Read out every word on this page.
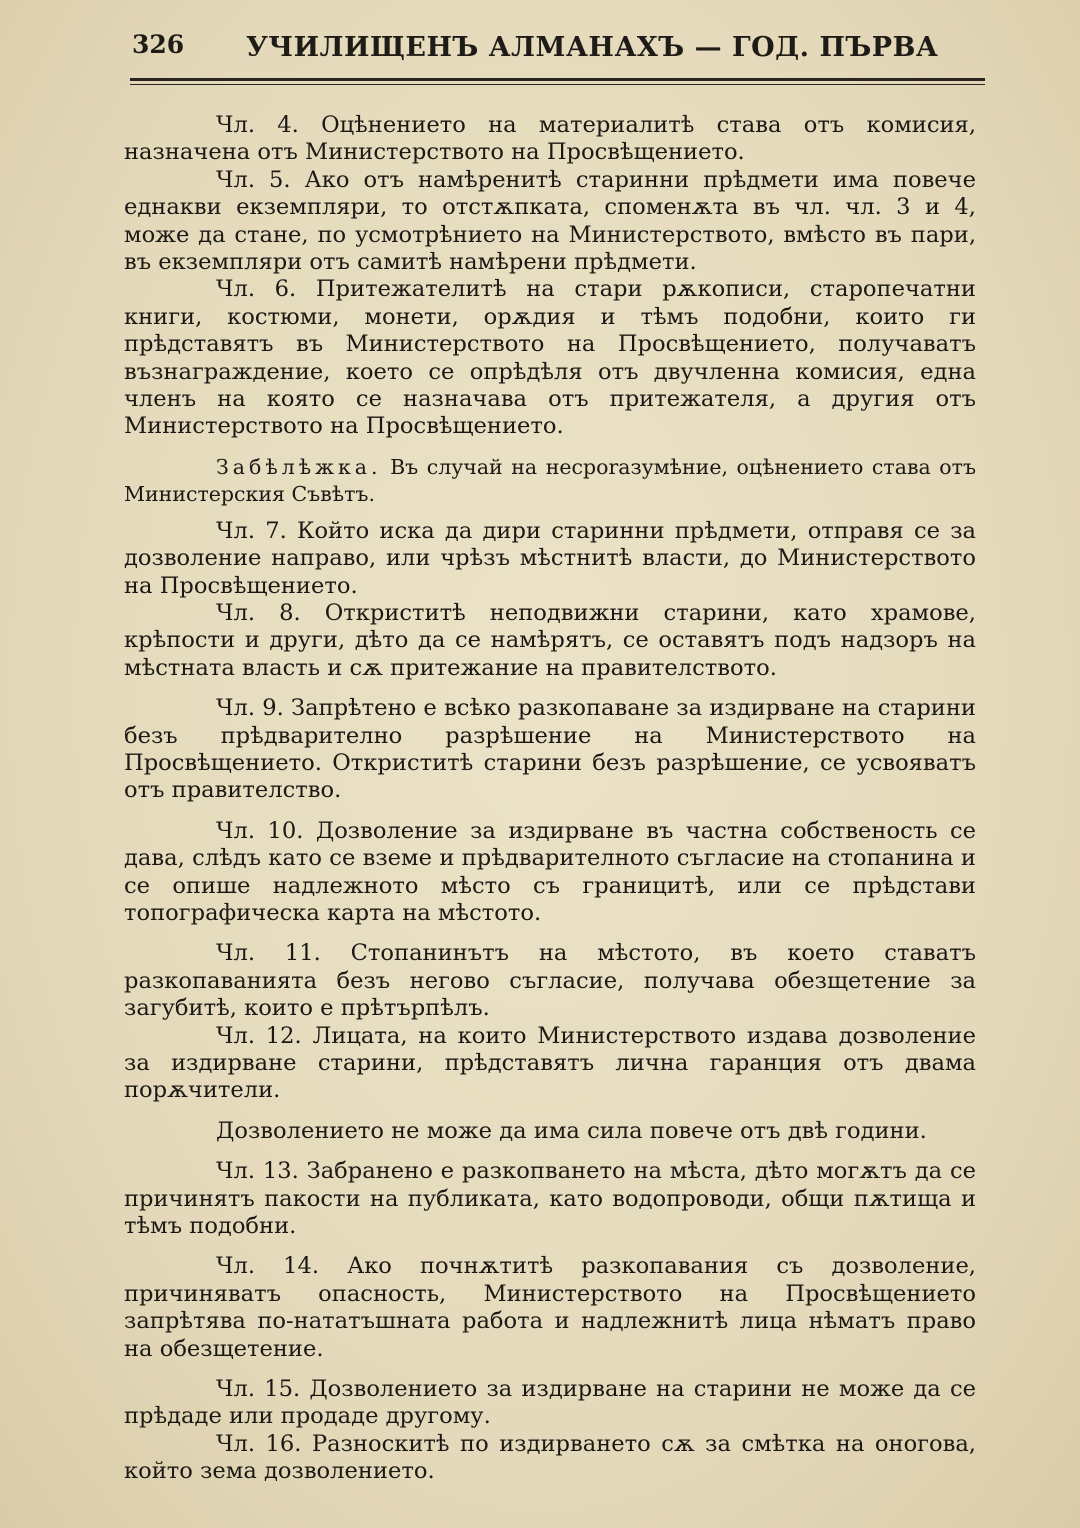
326 УЧИЛИЩЕНЪ АЛМАНАХЪ — ГОД. ПЪРВА

Чл. 4. Оцѣнението на материалитѣ става отъ комисия, назначена отъ Министерството на Просвѣщението.

Чл. 5. Ако отъ намѣренитѣ старинни прѣдмети има повече еднакви екземпляри, то отстѫпката, споменѫта въ чл. чл. 3 и 4, може да стане, по усмотрѣнието на Министерството, вмѣсто въ пари, въ екземпляри отъ самитѣ намѣрени прѣдмети.

Чл. 6. Притежателитѣ на стари рѫкописи, старопечатни книги, костюми, монети, орѫдия и тѣмъ подобни, които ги прѣдставятъ въ Министерството на Просвѣщението, получаватъ възнаграждение, което се опрѣдѣля отъ двучленна комисия, една членъ на която се назначава отъ притежателя, а другия отъ Министерството на Просвѣщението.

Забѣлѣжка. Въ случай на несporазумѣние, оцѣнението става отъ Министерския Съвѣтъ.

Чл. 7. Който иска да дири старинни прѣдмети, отправя се за дозволение направо, или чрѣзъ мѣстнитѣ власти, до Министерството на Просвѣщението.

Чл. 8. Откриститѣ неподвижни старини, като храмове, крѣпости и други, дѣто да се намѣрятъ, се оставятъ подъ надзоръ на мѣстната власть и сѫ притежание на правителството.

Чл. 9. Запрѣтено е всѣко разкопаване за издирване на старини безъ прѣдварително разрѣшение на Министерството на Просвѣщението. Откриститѣ старини безъ разрѣшение, се усвояватъ отъ правителство.

Чл. 10. Дозволение за издирване въ частна собственость се дава, слѣдъ като се вземе и прѣдварителното съгласие на стопанина и се опише надлежното мѣсто съ границитѣ, или се прѣдстави топографическа карта на мѣстото.

Чл. 11. Стопанинътъ на мѣстото, въ което ставатъ разкопаванията безъ негово съгласие, получава обезщетение за загубитѣ, които е прѣтърпѣлъ.

Чл. 12. Лицата, на които Министерството издава дозволение за издирване старини, прѣдставятъ лична гаранция отъ двама порѫчители.

Дозволението не може да има сила повече отъ двѣ години.

Чл. 13. Забранено е разкопването на мѣста, дѣто могѫтъ да се причинятъ пакости на публиката, като водопроводи, общи пѫтища и тѣмъ подобни.

Чл. 14. Ако почнѫтитѣ разкопавания съ дозволение, причиняватъ опасность, Министерството на Просвѣщението запрѣтява по-нататъшната работа и надлежнитѣ лица нѣматъ право на обезщетение.

Чл. 15. Дозволението за издирване на старини не може да се прѣдаде или продаде другому.

Чл. 16. Разноскитѣ по издирването сѫ за смѣтка на оногова, който зема дозволението.
